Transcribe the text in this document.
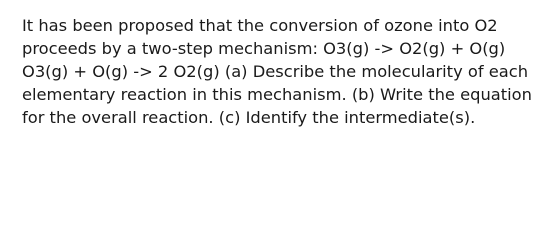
It has been proposed that the conversion of ozone into O2 proceeds by a two-step mechanism: O3(g) -> O2(g) + O(g) O3(g) + O(g) -> 2 O2(g) (a) Describe the molecularity of each elementary reaction in this mechanism. (b) Write the equation for the overall reaction. (c) Identify the intermediate(s).
